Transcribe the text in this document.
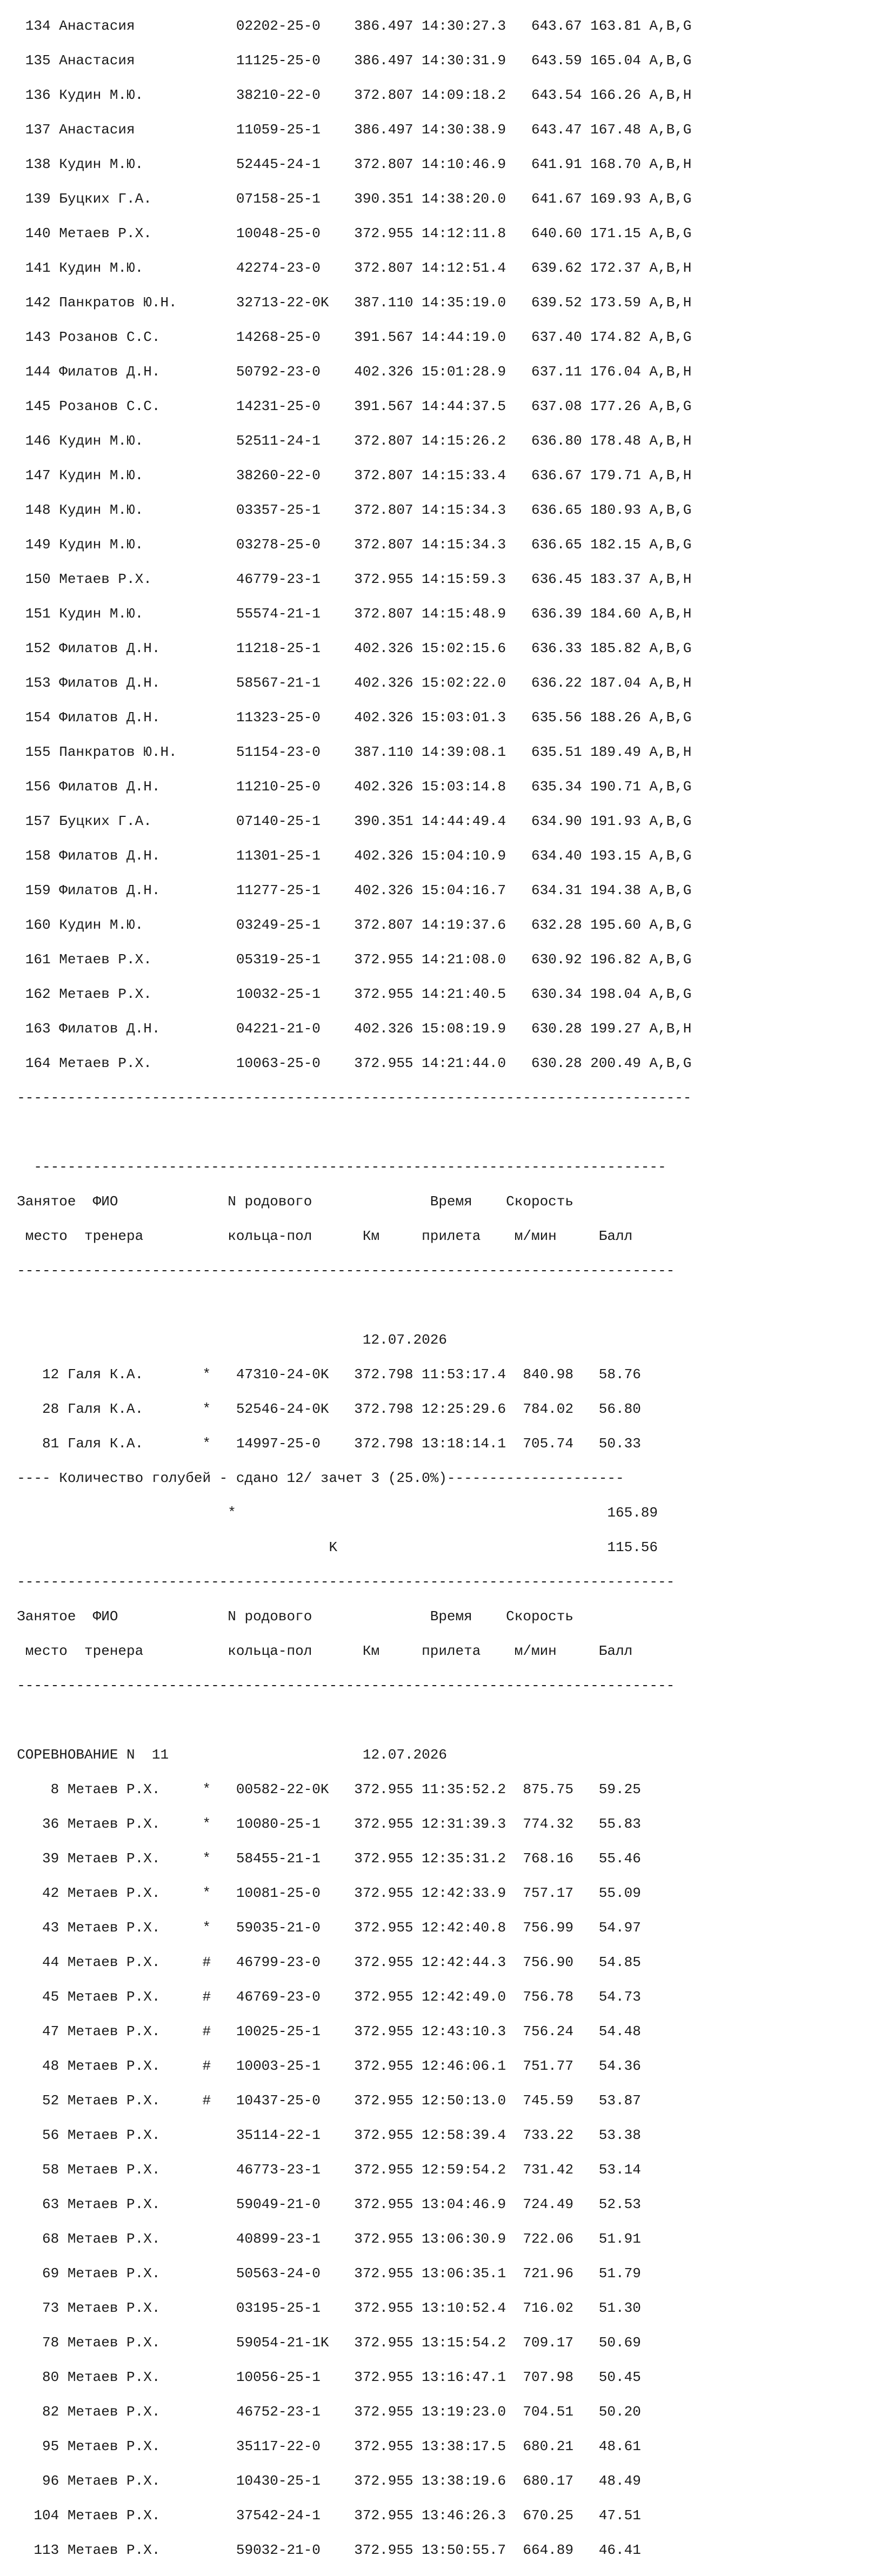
134 Анастасия            02202-25-0    386.497 14:30:27.3   643.67 163.81 A,B,G

135 Анастасия            11125-25-0    386.497 14:30:31.9   643.59 165.04 A,B,G

136 Кудин М.Ю.           38210-22-0    372.807 14:09:18.2   643.54 166.26 A,B,H

137 Анастасия            11059-25-1    386.497 14:30:38.9   643.47 167.48 A,B,G

138 Кудин М.Ю.           52445-24-1    372.807 14:10:46.9   641.91 168.70 A,B,H

139 Буцких Г.А.          07158-25-1    390.351 14:38:20.0   641.67 169.93 A,B,G

140 Метаев Р.Х.          10048-25-0    372.955 14:12:11.8   640.60 171.15 A,B,G

141 Кудин М.Ю.           42274-23-0    372.807 14:12:51.4   639.62 172.37 A,B,H

142 Панкратов Ю.Н.       32713-22-0K   387.110 14:35:19.0   639.52 173.59 A,B,H

143 Розанов С.С.         14268-25-0    391.567 14:44:19.0   637.40 174.82 A,B,G

144 Филатов Д.Н.         50792-23-0    402.326 15:01:28.9   637.11 176.04 A,B,H

145 Розанов С.С.         14231-25-0    391.567 14:44:37.5   637.08 177.26 A,B,G

146 Кудин М.Ю.           52511-24-1    372.807 14:15:26.2   636.80 178.48 A,B,H

147 Кудин М.Ю.           38260-22-0    372.807 14:15:33.4   636.67 179.71 A,B,H

148 Кудин М.Ю.           03357-25-1    372.807 14:15:34.3   636.65 180.93 A,B,G

149 Кудин М.Ю.           03278-25-0    372.807 14:15:34.3   636.65 182.15 A,B,G

150 Метаев Р.Х.          46779-23-1    372.955 14:15:59.3   636.45 183.37 A,B,H

151 Кудин М.Ю.           55574-21-1    372.807 14:15:48.9   636.39 184.60 A,B,H

152 Филатов Д.Н.         11218-25-1    402.326 15:02:15.6   636.33 185.82 A,B,G

153 Филатов Д.Н.         58567-21-1    402.326 15:02:22.0   636.22 187.04 A,B,H

154 Филатов Д.Н.         11323-25-0    402.326 15:03:01.3   635.56 188.26 A,B,G

155 Панкратов Ю.Н.       51154-23-0    387.110 14:39:08.1   635.51 189.49 A,B,H

156 Филатов Д.Н.         11210-25-0    402.326 15:03:14.8   635.34 190.71 A,B,G

157 Буцких Г.А.          07140-25-1    390.351 14:44:49.4   634.90 191.93 A,B,G

158 Филатов Д.Н.         11301-25-1    402.326 15:04:10.9   634.40 193.15 A,B,G

159 Филатов Д.Н.         11277-25-1    402.326 15:04:16.7   634.31 194.38 A,B,G

160 Кудин М.Ю.           03249-25-1    372.807 14:19:37.6   632.28 195.60 A,B,G

161 Метаев Р.Х.          05319-25-1    372.955 14:21:08.0   630.92 196.82 A,B,G

162 Метаев Р.Х.          10032-25-1    372.955 14:21:40.5   630.34 198.04 A,B,G

163 Филатов Д.Н.         04221-21-0    402.326 15:08:19.9   630.28 199.27 A,B,H

164 Метаев Р.Х.          10063-25-0    372.955 14:21:44.0   630.28 200.49 A,B,G

--------------------------------------------------------------------------------

---------------------------------------------------------------------------

Занятое  ФИО             N родового              Время    Скорость

место  тренера          кольца-пол      Км     прилета    м/мин     Балл

------------------------------------------------------------------------------

12.07.2026

12 Галя К.А.       *   47310-24-0K   372.798 11:53:17.4  840.98   58.76

28 Галя К.А.       *   52546-24-0K   372.798 12:25:29.6  784.02   56.80

81 Галя К.А.       *   14997-25-0    372.798 13:18:14.1  705.74   50.33

---- Количество голубей - сдано 12/ зачет 3 (25.0%)---------------------

*                                            165.89

K                                115.56

------------------------------------------------------------------------------

Занятое  ФИО             N родового              Время    Скорость

место  тренера          кольца-пол      Км     прилета    м/мин     Балл

------------------------------------------------------------------------------

СОРЕВНОВАНИЕ N  11                       12.07.2026

8 Метаев Р.Х.     *   00582-22-0K   372.955 11:35:52.2  875.75   59.25

36 Метаев Р.Х.     *   10080-25-1    372.955 12:31:39.3  774.32   55.83

39 Метаев Р.Х.     *   58455-21-1    372.955 12:35:31.2  768.16   55.46

42 Метаев Р.Х.     *   10081-25-0    372.955 12:42:33.9  757.17   55.09

43 Метаев Р.Х.     *   59035-21-0    372.955 12:42:40.8  756.99   54.97

44 Метаев Р.Х.     #   46799-23-0    372.955 12:42:44.3  756.90   54.85

45 Метаев Р.Х.     #   46769-23-0    372.955 12:42:49.0  756.78   54.73

47 Метаев Р.Х.     #   10025-25-1    372.955 12:43:10.3  756.24   54.48

48 Метаев Р.Х.     #   10003-25-1    372.955 12:46:06.1  751.77   54.36

52 Метаев Р.Х.     #   10437-25-0    372.955 12:50:13.0  745.59   53.87

56 Метаев Р.Х.         35114-22-1    372.955 12:58:39.4  733.22   53.38

58 Метаев Р.Х.         46773-23-1    372.955 12:59:54.2  731.42   53.14

63 Метаев Р.Х.         59049-21-0    372.955 13:04:46.9  724.49   52.53

68 Метаев Р.Х.         40899-23-1    372.955 13:06:30.9  722.06   51.91

69 Метаев Р.Х.         50563-24-0    372.955 13:06:35.1  721.96   51.79

73 Метаев Р.Х.         03195-25-1    372.955 13:10:52.4  716.02   51.30

78 Метаев Р.Х.         59054-21-1K   372.955 13:15:54.2  709.17   50.69

80 Метаев Р.Х.         10056-25-1    372.955 13:16:47.1  707.98   50.45

82 Метаев Р.Х.         46752-23-1    372.955 13:19:23.0  704.51   50.20

95 Метаев Р.Х.         35117-22-0    372.955 13:38:17.5  680.21   48.61

96 Метаев Р.Х.         10430-25-1    372.955 13:38:19.6  680.17   48.49

104 Метаев Р.Х.         37542-24-1    372.955 13:46:26.3  670.25   47.51

113 Метаев Р.Х.         59032-21-0    372.955 13:50:55.7  664.89   46.41
